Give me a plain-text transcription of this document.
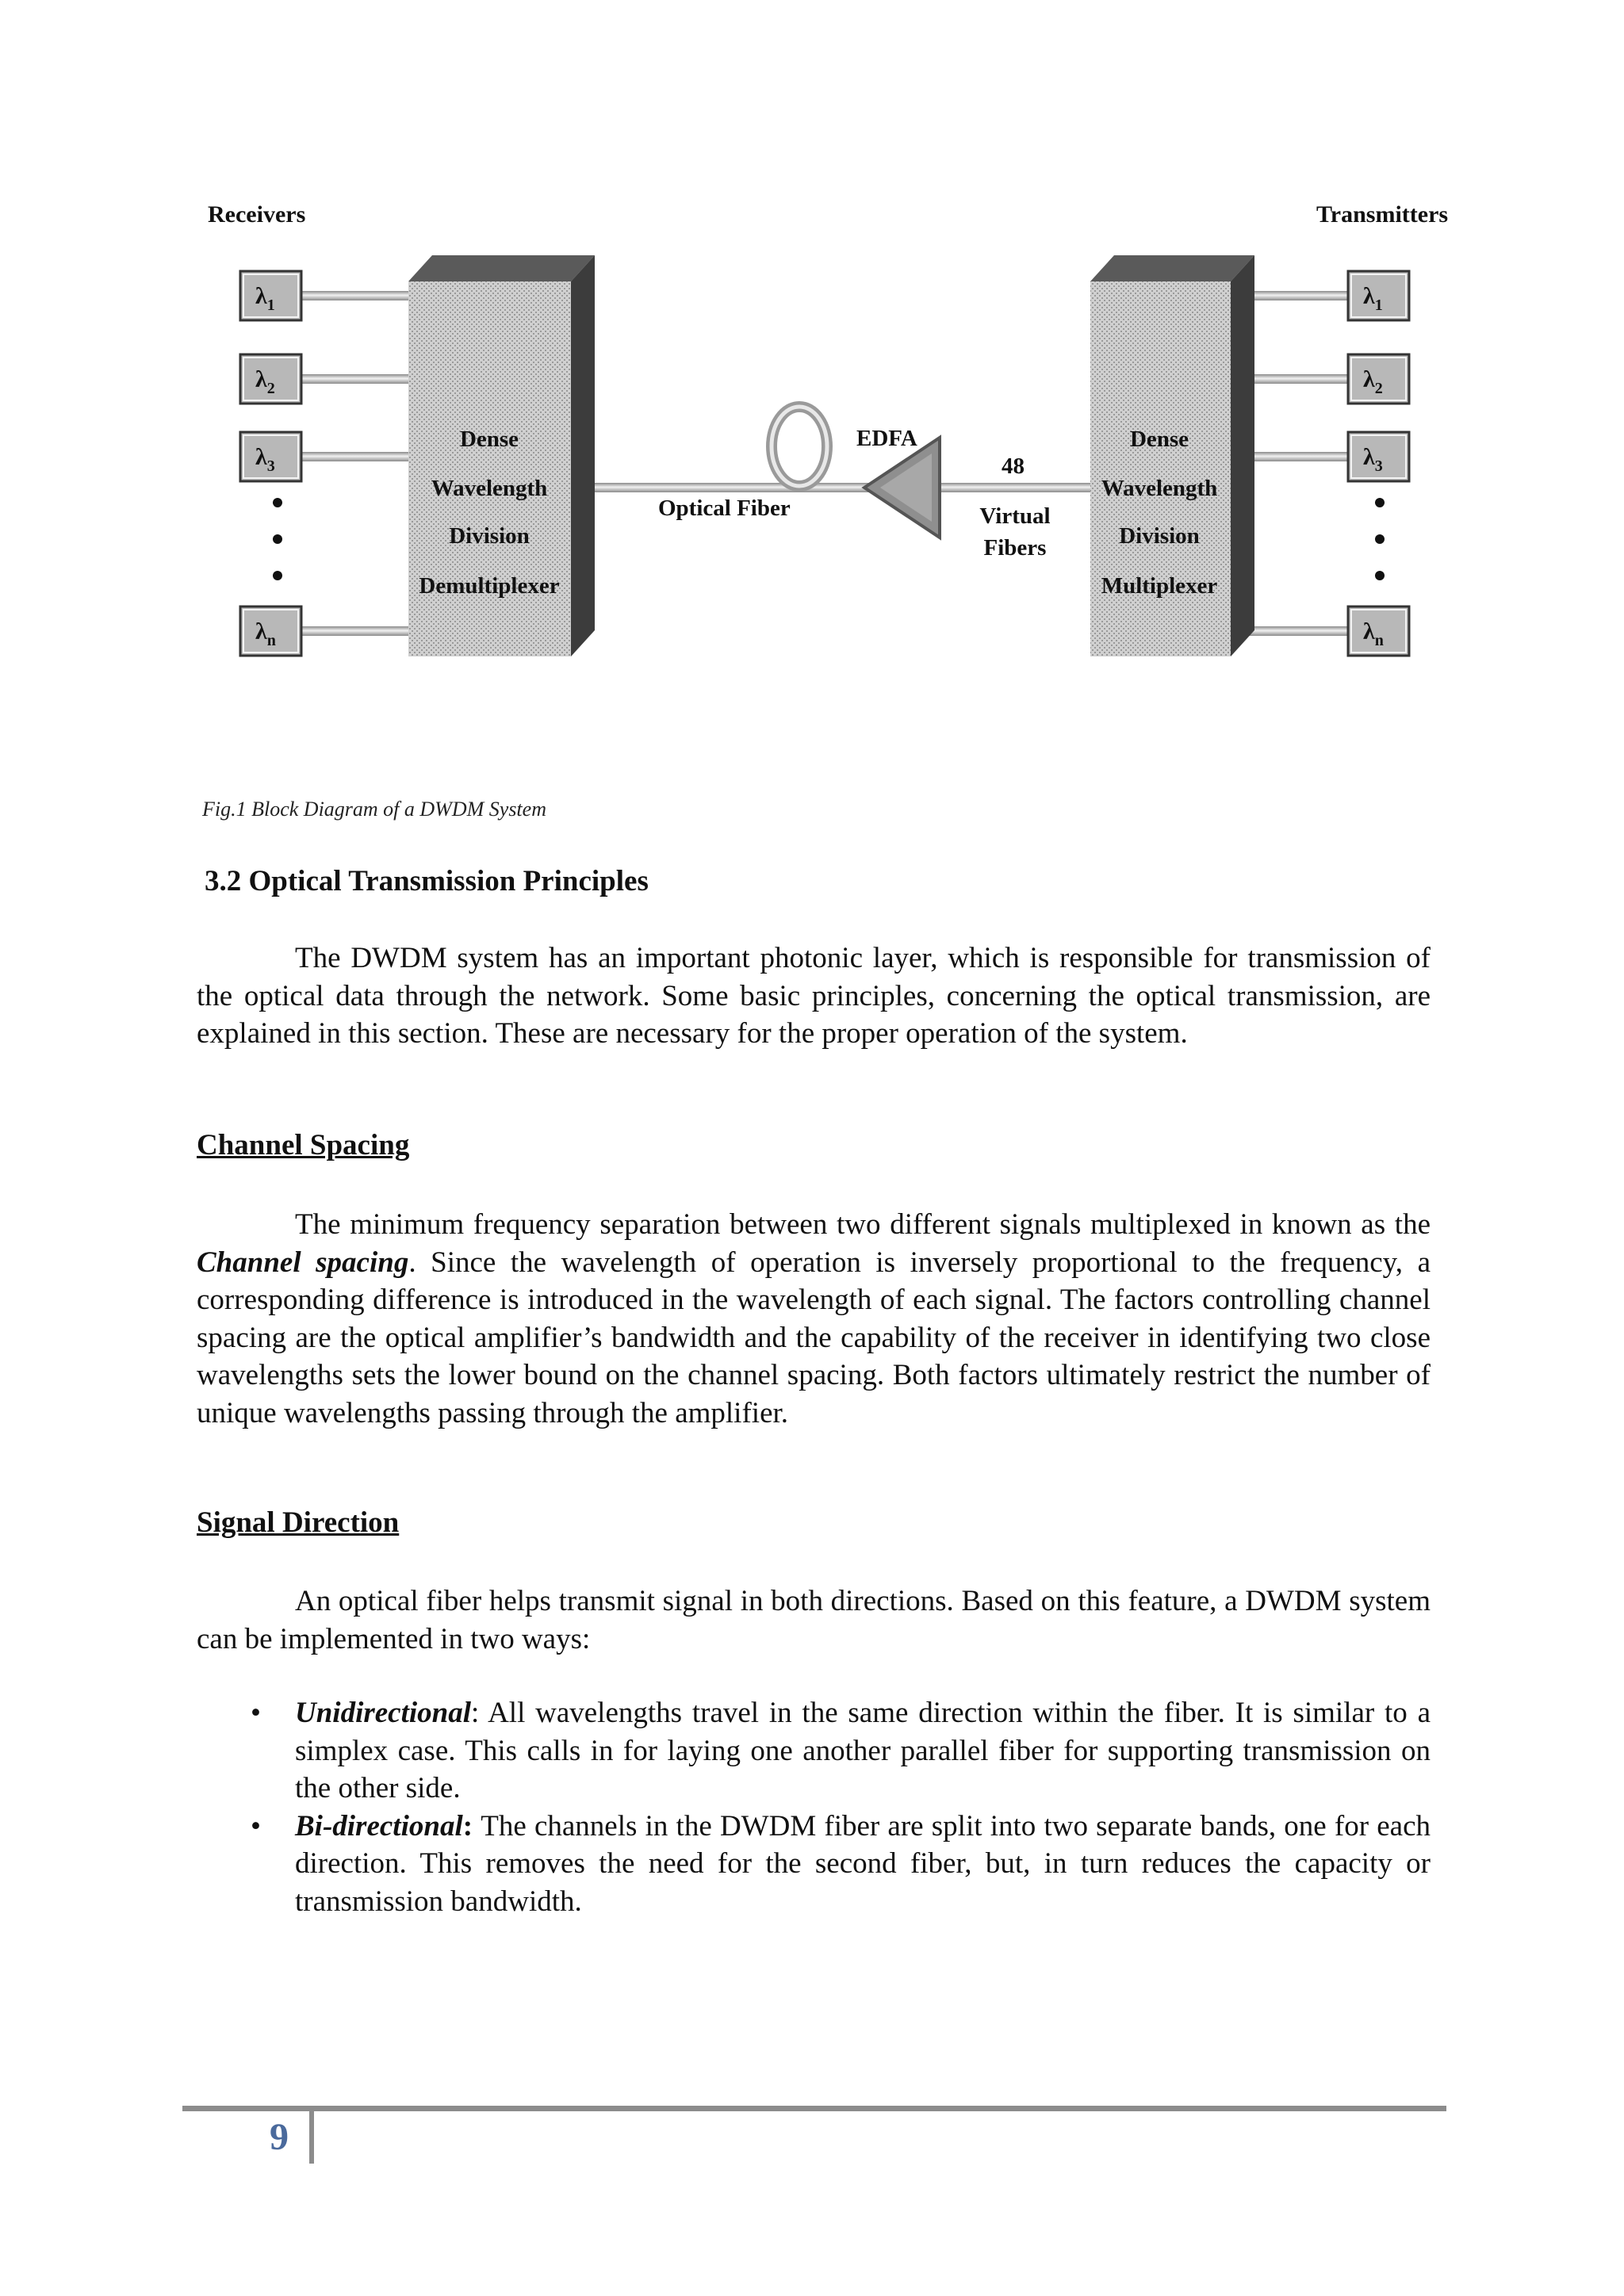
Receivers	Transmitters
Dense
Wavelength
Division
Demultiplexer
Dense
Wavelength
Division
Multiplexer
Optical Fiber
EDFA
48
Virtual
Fibers
$\lambda_1$
$\lambda_2$
$\lambda_3$
$\lambda_n$
$\lambda_1$
$\lambda_2$
$\lambda_3$
$\lambda_n$
Fig.1 Block Diagram of a DWDM System
3.2 Optical Transmission Principles

The DWDM system has an important photonic layer, which is responsible for transmission of the optical data through the network. Some basic principles, concerning the optical transmission, are explained in this section. These are necessary for the proper operation of the system.

Channel Spacing

The minimum frequency separation between two different signals multiplexed in known as the Channel spacing. Since the wavelength of operation is inversely proportional to the frequency, a corresponding difference is introduced in the wavelength of each signal. The factors controlling channel spacing are the optical amplifier’s bandwidth and the capability of the receiver in identifying two close wavelengths sets the lower bound on the channel spacing. Both factors ultimately restrict the number of unique wavelengths passing through the amplifier.

Signal Direction

An optical fiber helps transmit signal in both directions. Based on this feature, a DWDM system can be implemented in two ways:

• Unidirectional: All wavelengths travel in the same direction within the fiber. It is similar to a simplex case. This calls in for laying one another parallel fiber for supporting transmission on the other side.
• Bi-directional: The channels in the DWDM fiber are split into two separate bands, one for each direction. This removes the need for the second fiber, but, in turn reduces the capacity or transmission bandwidth.
9
